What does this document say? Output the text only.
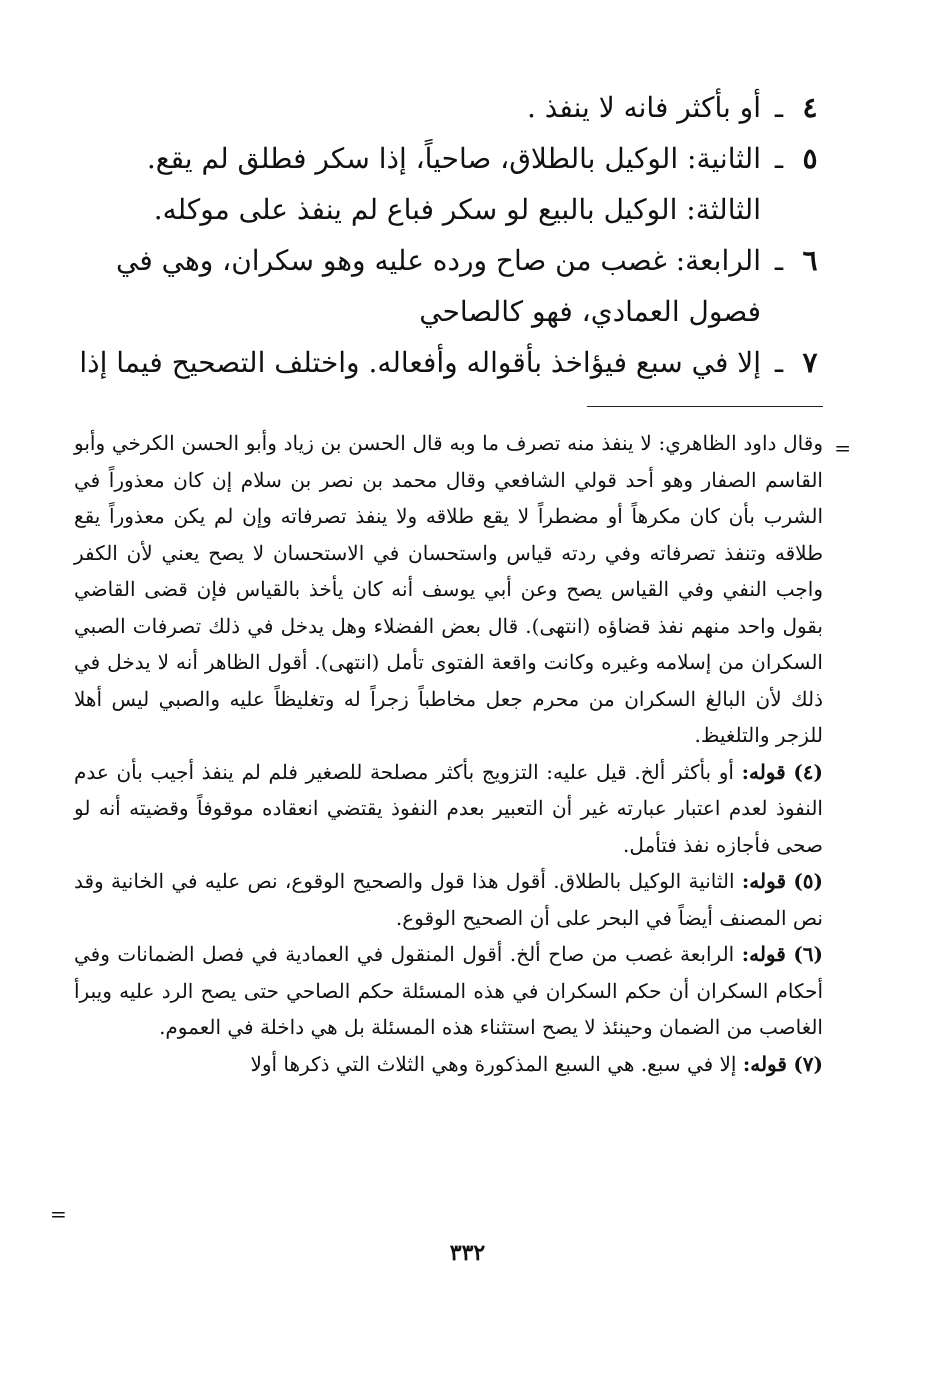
٤
ـ
أو بأكثر فانه لا ينفذ .
٥
ـ
الثانية: الوكيل بالطلاق، صاحياً، إذا سكر فطلق لم يقع.
الثالثة: الوكيل بالبيع لو سكر فباع لم ينفذ على موكله.
٦
ـ
الرابعة: غصب من صاح ورده عليه وهو سكران، وهي في
فصول العمادي، فهو كالصاحي
٧
ـ
إلا في سبع فيؤاخذ بأقواله وأفعاله. واختلف التصحيح فيما إذا
=

وقال داود الظاهري: لا ينفذ منه تصرف ما وبه قال الحسن بن زياد وأبو الحسن الكرخي وأبو القاسم الصفار وهو أحد قولي الشافعي وقال محمد بن نصر بن سلام إن كان معذوراً في الشرب بأن كان مكرهاً أو مضطراً لا يقع طلاقه ولا ينفذ تصرفاته وإن لم يكن معذوراً يقع طلاقه وتنفذ تصرفاته وفي ردته قياس واستحسان في الاستحسان لا يصح يعني لأن الكفر واجب النفي وفي القياس يصح وعن أبي يوسف أنه كان يأخذ بالقياس فإن قضى القاضي بقول واحد منهم نفذ قضاؤه (انتهى). قال بعض الفضلاء وهل يدخل في ذلك تصرفات الصبي السكران من إسلامه وغيره وكانت واقعة الفتوى تأمل (انتهى). أقول الظاهر أنه لا يدخل في ذلك لأن البالغ السكران من محرم جعل مخاطباً زجراً له وتغليظاً عليه والصبي ليس أهلا للزجر والتلغيظ.

(٤) قوله: أو بأكثر ألخ. قيل عليه: التزويج بأكثر مصلحة للصغير فلم لم ينفذ أجيب بأن عدم النفوذ لعدم اعتبار عبارته غير أن التعبير بعدم النفوذ يقتضي انعقاده موقوفاً وقضيته أنه لو صحى فأجازه نفذ فتأمل.

(٥) قوله: الثانية الوكيل بالطلاق. أقول هذا قول والصحيح الوقوع، نص عليه في الخانية وقد نص المصنف أيضاً في البحر على أن الصحيح الوقوع.

(٦) قوله: الرابعة غصب من صاح ألخ. أقول المنقول في العمادية في فصل الضمانات وفي أحكام السكران أن حكم السكران في هذه المسئلة حكم الصاحي حتى يصح الرد عليه ويبرأ الغاصب من الضمان وحينئذ لا يصح استثناء هذه المسئلة بل هي داخلة في العموم.

(٧) قوله: إلا في سبع. هي السبع المذكورة وهي الثلاث التي ذكرها أولا

=
٣٣٢
